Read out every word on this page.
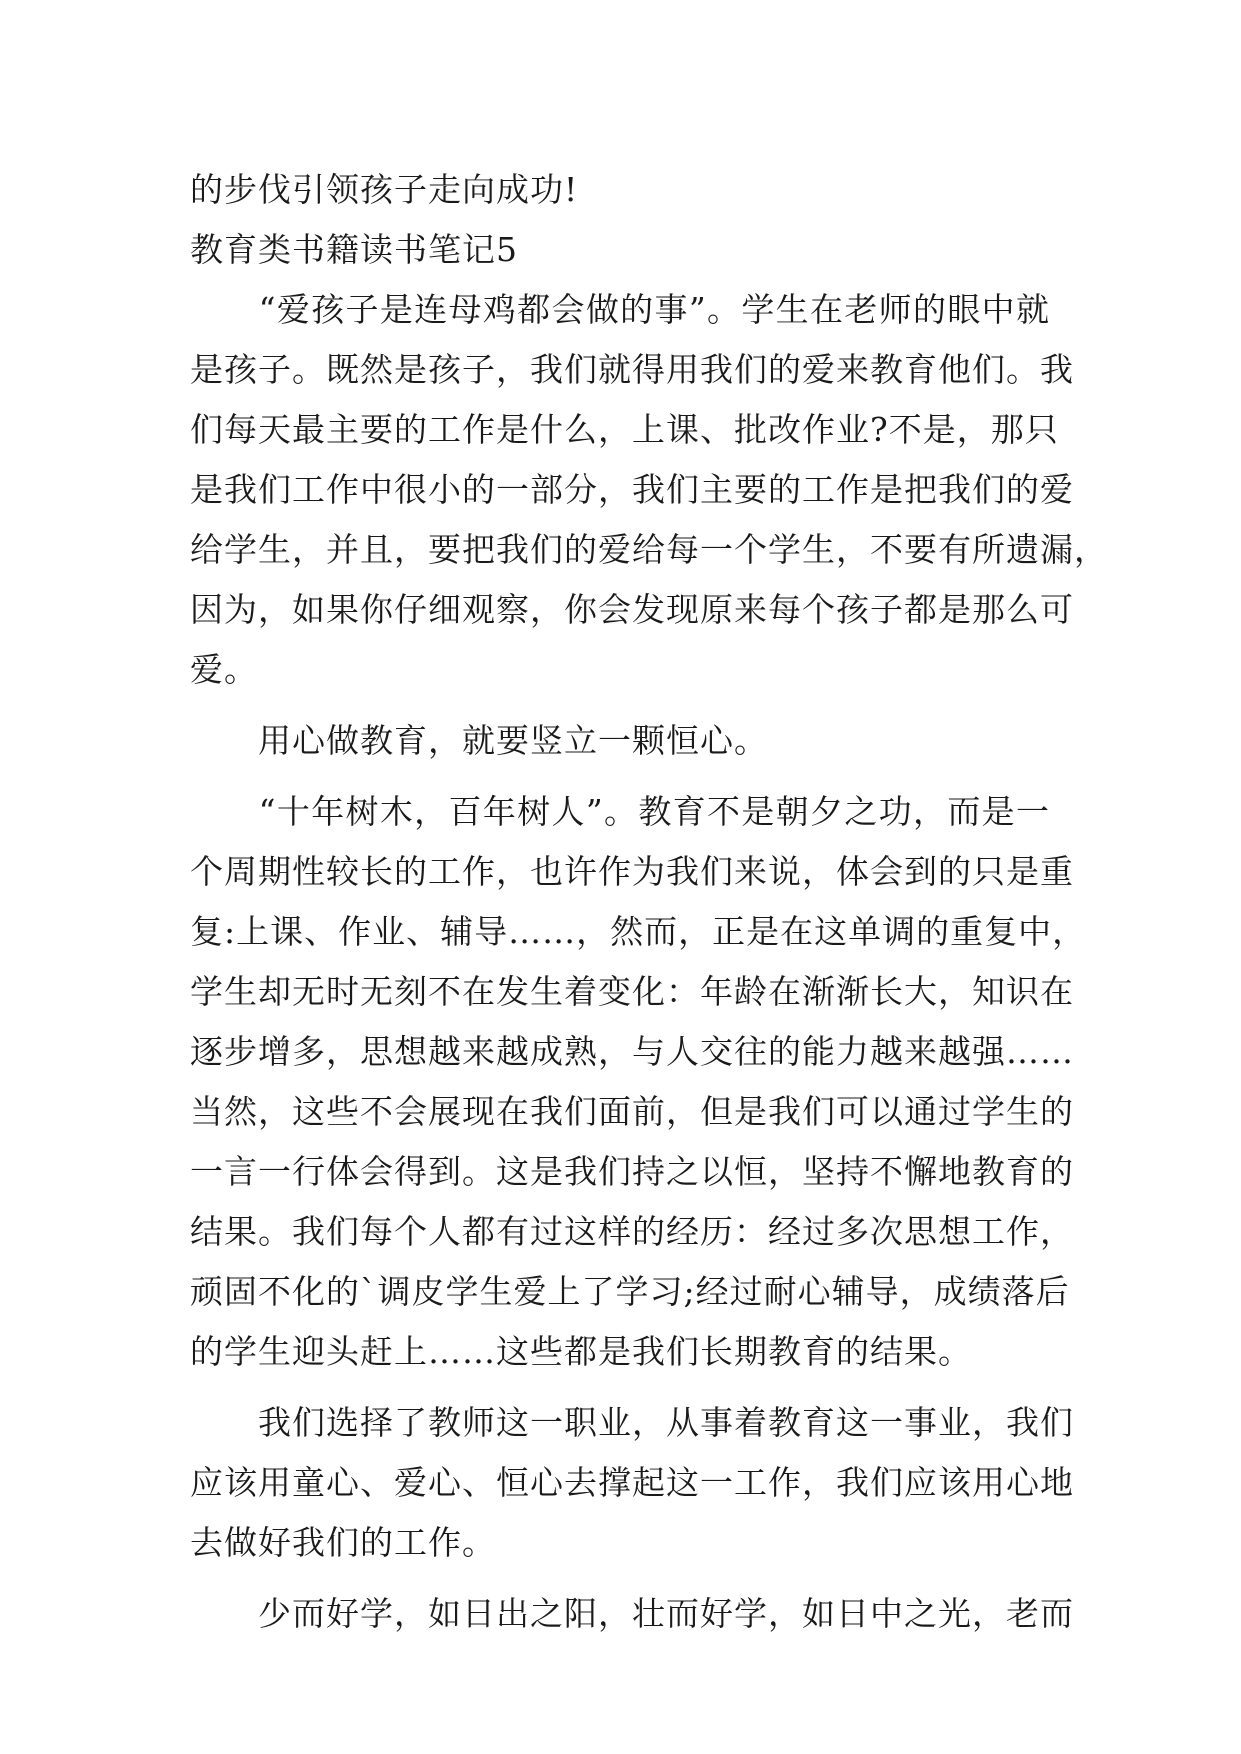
的步伐引领孩子走向成功!
教育类书籍读书笔记5
　　“爱孩子是连母鸡都会做的事”。学生在老师的眼中就
是孩子。既然是孩子，我们就得用我们的爱来教育他们。我
们每天最主要的工作是什么，上课、批改作业?不是，那只
是我们工作中很小的一部分，我们主要的工作是把我们的爱
给学生，并且，要把我们的爱给每一个学生，不要有所遗漏，
因为，如果你仔细观察，你会发现原来每个孩子都是那么可
爱。
　　用心做教育，就要竖立一颗恒心。
　　“十年树木，百年树人”。教育不是朝夕之功，而是一
个周期性较长的工作，也许作为我们来说，体会到的只是重
复:上课、作业、辅导……，然而，正是在这单调的重复中，
学生却无时无刻不在发生着变化：年龄在渐渐长大，知识在
逐步增多，思想越来越成熟，与人交往的能力越来越强……
当然，这些不会展现在我们面前，但是我们可以通过学生的
一言一行体会得到。这是我们持之以恒，坚持不懈地教育的
结果。我们每个人都有过这样的经历：经过多次思想工作，
顽固不化的`调皮学生爱上了学习;经过耐心辅导，成绩落后
的学生迎头赶上……这些都是我们长期教育的结果。
　　我们选择了教师这一职业，从事着教育这一事业，我们
应该用童心、爱心、恒心去撑起这一工作，我们应该用心地
去做好我们的工作。
　　少而好学，如日出之阳，壮而好学，如日中之光，老而
